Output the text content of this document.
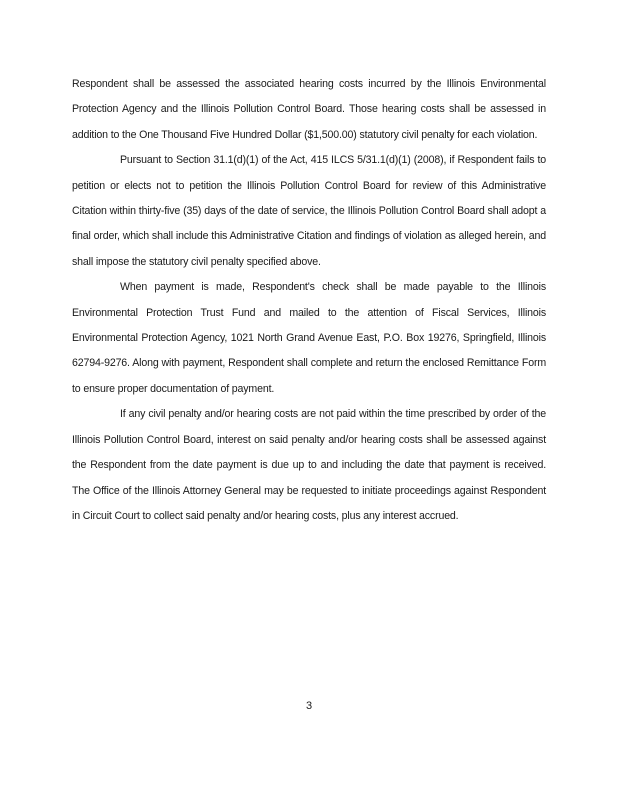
Respondent shall be assessed the associated hearing costs incurred by the Illinois Environmental Protection Agency and the Illinois Pollution Control Board. Those hearing costs shall be assessed in addition to the One Thousand Five Hundred Dollar ($1,500.00) statutory civil penalty for each violation.

Pursuant to Section 31.1(d)(1) of the Act, 415 ILCS 5/31.1(d)(1) (2008), if Respondent fails to petition or elects not to petition the Illinois Pollution Control Board for review of this Administrative Citation within thirty-five (35) days of the date of service, the Illinois Pollution Control Board shall adopt a final order, which shall include this Administrative Citation and findings of violation as alleged herein, and shall impose the statutory civil penalty specified above.

When payment is made, Respondent's check shall be made payable to the Illinois Environmental Protection Trust Fund and mailed to the attention of Fiscal Services, Illinois Environmental Protection Agency, 1021 North Grand Avenue East, P.O. Box 19276, Springfield, Illinois 62794-9276. Along with payment, Respondent shall complete and return the enclosed Remittance Form to ensure proper documentation of payment.

If any civil penalty and/or hearing costs are not paid within the time prescribed by order of the Illinois Pollution Control Board, interest on said penalty and/or hearing costs shall be assessed against the Respondent from the date payment is due up to and including the date that payment is received. The Office of the Illinois Attorney General may be requested to initiate proceedings against Respondent in Circuit Court to collect said penalty and/or hearing costs, plus any interest accrued.

3
